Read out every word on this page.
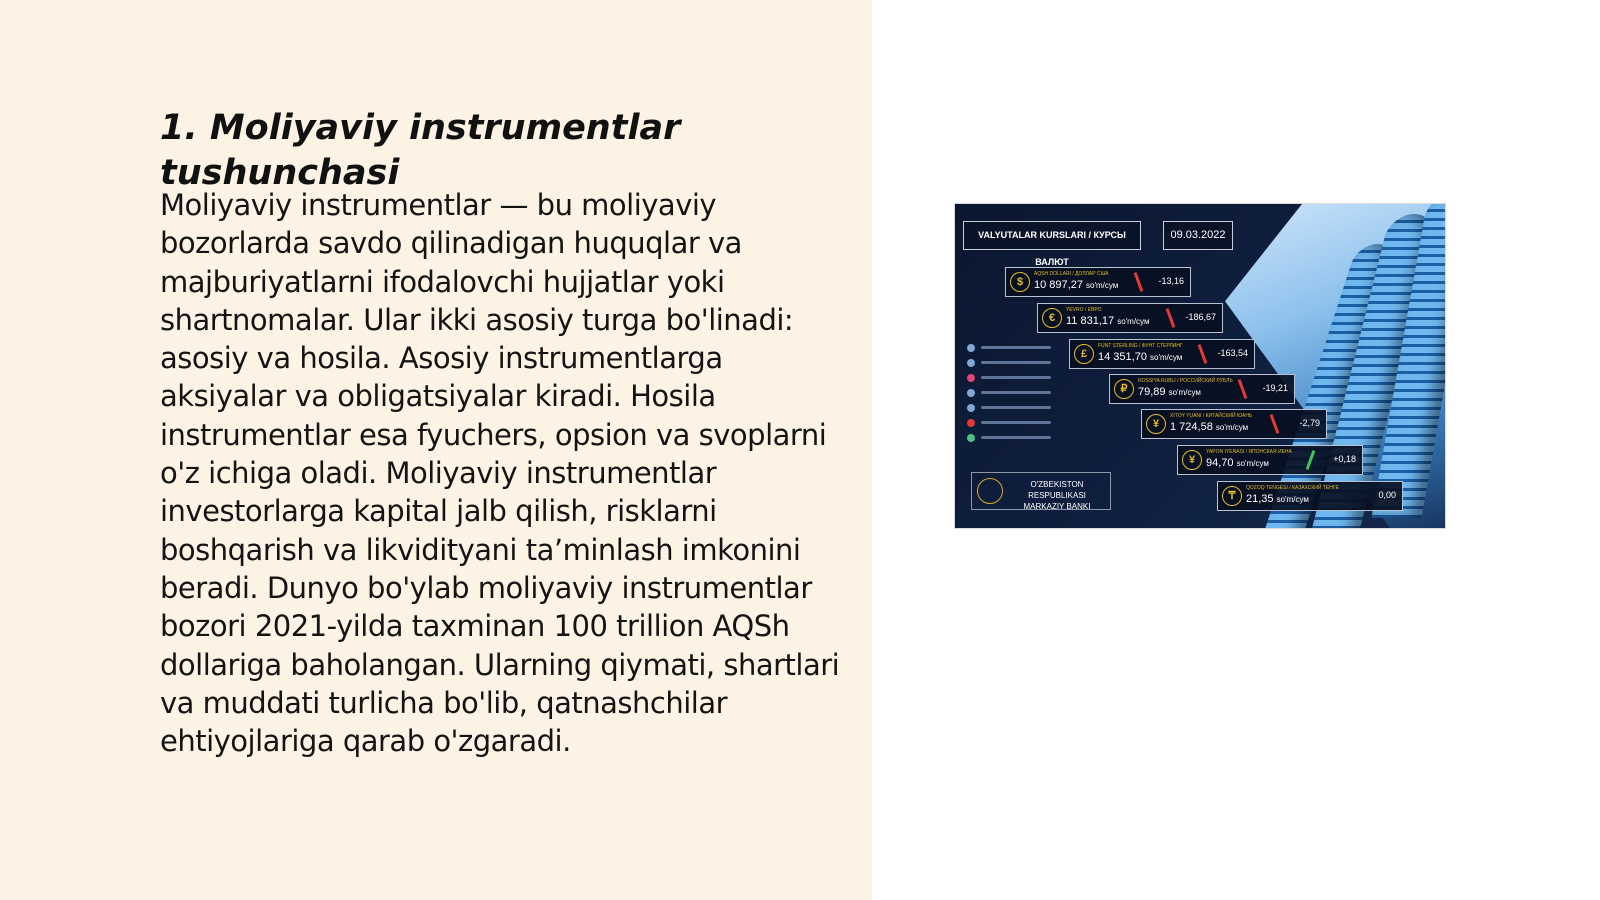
1. Moliyaviy instrumentlar tushunchasi

Moliyaviy instrumentlar — bu moliyaviy bozorlarda savdo qilinadigan huquqlar va majburiyatlarni ifodalovchi hujjatlar yoki shartnomalar. Ular ikki asosiy turga bo'linadi: asosiy va hosila. Asosiy instrumentlarga aksiyalar va obligatsiyalar kiradi. Hosila instrumentlar esa fyuchers, opsion va svoplarni o'z ichiga oladi. Moliyaviy instrumentlar investorlarga kapital jalb qilish, risklarni boshqarish va likvidityani ta’minlash imkonini beradi. Dunyo bo'ylab moliyaviy instrumentlar bozori 2021-yilda taxminan 100 trillion AQSh dollariga baholangan. Ularning qiymati, shartlari va muddati turlicha bo'lib, qatnashchilar ehtiyojlariga qarab o'zgaradi.

VALYUTALAR KURSLARI / КУРСЫ ВАЛЮТ
09.03.2022
$
AQSH DOLLARI / ДОЛЛАР США
10 897,27 so'm/сум	-13,16
€
YEVRO / ЕВРО
11 831,17 so'm/сум	-186,67
£
FUNT STERLING / ФУНТ СТЕРЛИНГ
14 351,70 so'm/сум	-163,54
₽
ROSSIYA RUBLI / РОССИЙСКИЙ РУБЛЬ
79,89 so'm/сум	-19,21
¥
XITOY YUANI / КИТАЙСКИЙ ЮАНЬ
1 724,58 so'm/сум	-2,79
¥
YAPON IYENASI / ЯПОНСКАЯ ИЕНА
94,70 so'm/сум	+0,18
₸
QOZOQ TENGESI / КАЗАХСКИЙ ТЕНГЕ
21,35 so'm/сум	0,00
O'ZBEKISTON RESPUBLIKASI
MARKAZIY BANKI
